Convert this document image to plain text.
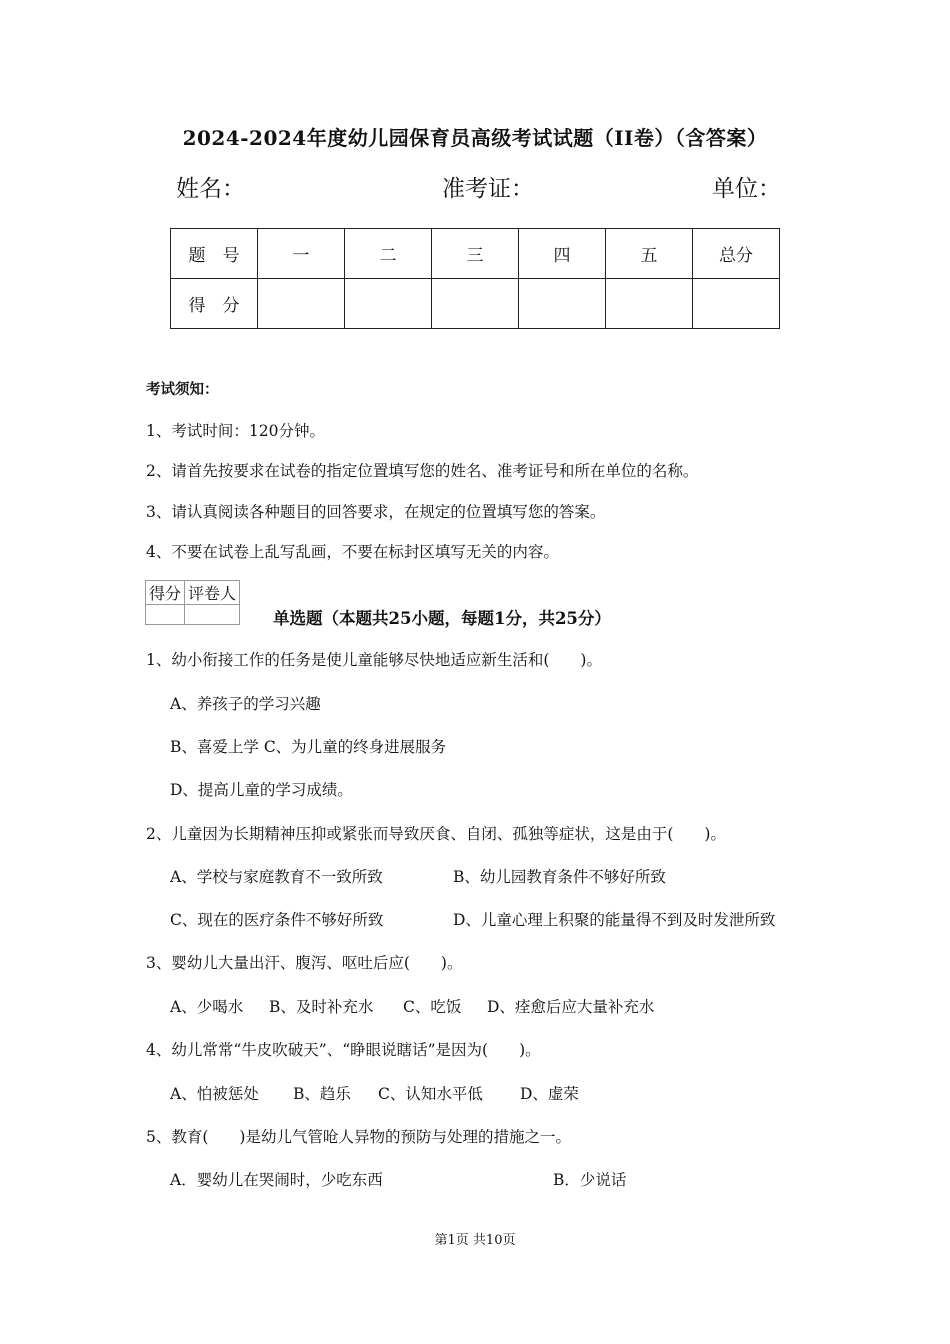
2024-2024年度幼儿园保育员高级考试试题（II卷）（含答案）
姓名：	准考证：	单位：
题　号	一	二	三	四	五	总分
得　分						
考试须知：
1、考试时间：120分钟。
2、请首先按要求在试卷的指定位置填写您的姓名、准考证号和所在单位的名称。
3、请认真阅读各种题目的回答要求，在规定的位置填写您的答案。
4、不要在试卷上乱写乱画，不要在标封区填写无关的内容。
得分	评卷人

单选题（本题共25小题，每题1分，共25分）
1、幼小衔接工作的任务是使儿童能够尽快地适应新生活和(　　)。
A、养孩子的学习兴趣
B、喜爱上学 C、为儿童的终身进展服务
D、提高儿童的学习成绩。
2、儿童因为长期精神压抑或紧张而导致厌食、自闭、孤独等症状，这是由于(　　)。
A、学校与家庭教育不一致所致	B、幼儿园教育条件不够好所致
C、现在的医疗条件不够好所致	D、儿童心理上积聚的能量得不到及时发泄所致
3、婴幼儿大量出汗、腹泻、呕吐后应(　　)。
A、少喝水 B、及时补充水 C、吃饭 D、痊愈后应大量补充水
4、幼儿常常“牛皮吹破天”、“睁眼说瞎话”是因为(　　)。
A、怕被惩处 B、趋乐 C、认知水平低 D、虚荣
5、教育(　　)是幼儿气管呛人异物的预防与处理的措施之一。
A．婴幼儿在哭闹时，少吃东西	B．少说话
第1页 共10页
